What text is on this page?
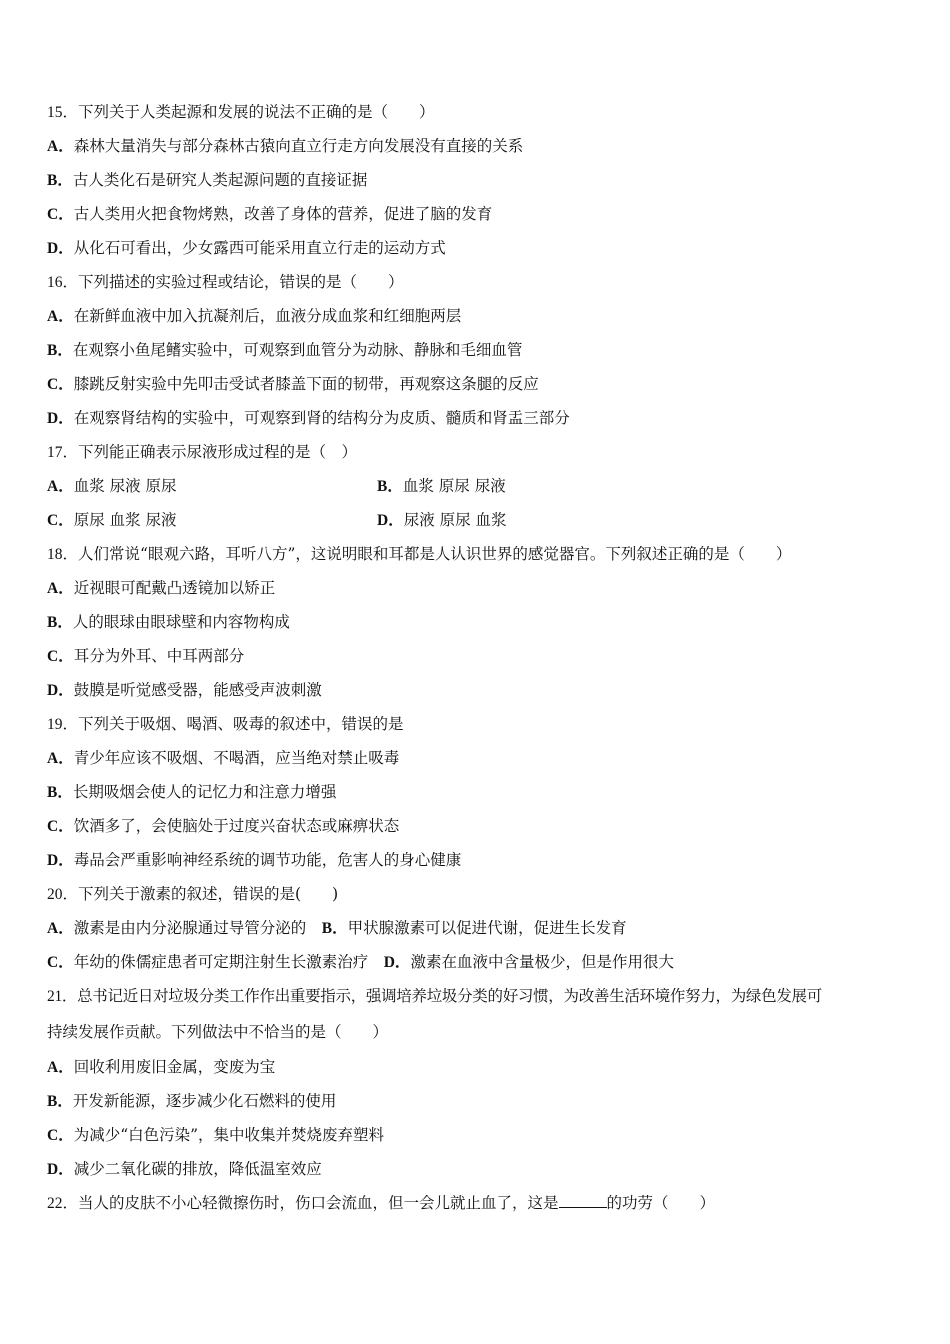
15．下列关于人类起源和发展的说法不正确的是（　　）
A．森林大量消失与部分森林古猿向直立行走方向发展没有直接的关系
B．古人类化石是研究人类起源问题的直接证据
C．古人类用火把食物烤熟，改善了身体的营养，促进了脑的发育
D．从化石可看出，少女露西可能采用直立行走的运动方式
16．下列描述的实验过程或结论，错误的是（　　）
A．在新鲜血液中加入抗凝剂后，血液分成血浆和红细胞两层
B．在观察小鱼尾鳍实验中，可观察到血管分为动脉、静脉和毛细血管
C．膝跳反射实验中先叩击受试者膝盖下面的韧带，再观察这条腿的反应
D．在观察肾结构的实验中，可观察到肾的结构分为皮质、髓质和肾盂三部分
17．下列能正确表示尿液形成过程的是（　）
A．血浆 尿液 原尿	B．血浆 原尿 尿液
C．原尿 血浆 尿液	D．尿液 原尿 血浆
18．人们常说“眼观六路，耳听八方”，这说明眼和耳都是人认识世界的感觉器官。下列叙述正确的是（　　）
A．近视眼可配戴凸透镜加以矫正
B．人的眼球由眼球壁和内容物构成
C．耳分为外耳、中耳两部分
D．鼓膜是听觉感受器，能感受声波刺激
19．下列关于吸烟、喝酒、吸毒的叙述中，错误的是
A．青少年应该不吸烟、不喝酒，应当绝对禁止吸毒
B．长期吸烟会使人的记忆力和注意力增强
C．饮酒多了，会使脑处于过度兴奋状态或麻痹状态
D．毒品会严重影响神经系统的调节功能，危害人的身心健康
20．下列关于激素的叙述，错误的是(　　)
A．激素是由内分泌腺通过导管分泌的　 B．甲状腺激素可以促进代谢，促进生长发育
C．年幼的侏儒症患者可定期注射生长激素治疗　 D．激素在血液中含量极少，但是作用很大
21．总书记近日对垃圾分类工作作出重要指示，强调培养垃圾分类的好习惯，为改善生活环境作努力，为绿色发展可
持续发展作贡献。下列做法中不恰当的是（　　）
A．回收利用废旧金属，变废为宝
B．开发新能源，逐步减少化石燃料的使用
C．为减少“白色污染”，集中收集并焚烧废弃塑料
D．减少二氧化碳的排放，降低温室效应
22．当人的皮肤不小心轻微擦伤时，伤口会流血，但一会儿就止血了，这是	的功劳（　　）
